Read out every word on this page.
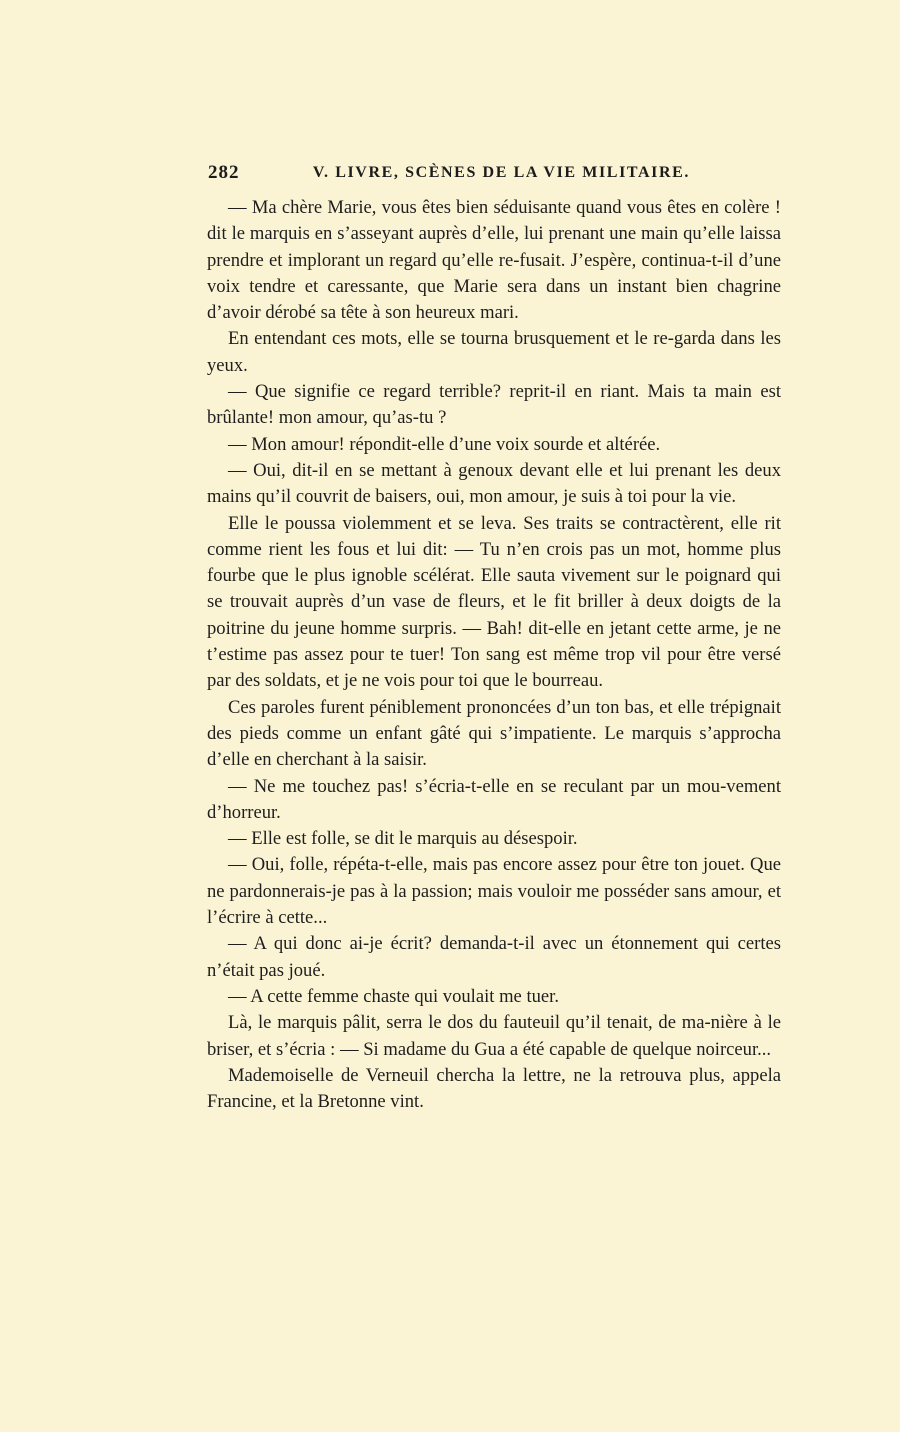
282	V. LIVRE, SCÈNES DE LA VIE MILITAIRE.

— Ma chère Marie, vous êtes bien séduisante quand vous êtes en colère ! dit le marquis en s’asseyant auprès d’elle, lui prenant une main qu’elle laissa prendre et implorant un regard qu’elle re-fusait. J’espère, continua-t-il d’une voix tendre et caressante, que Marie sera dans un instant bien chagrine d’avoir dérobé sa tête à son heureux mari.

En entendant ces mots, elle se tourna brusquement et le re-garda dans les yeux.

— Que signifie ce regard terrible? reprit-il en riant. Mais ta main est brûlante! mon amour, qu’as-tu ?

— Mon amour! répondit-elle d’une voix sourde et altérée.

— Oui, dit-il en se mettant à genoux devant elle et lui prenant les deux mains qu’il couvrit de baisers, oui, mon amour, je suis à toi pour la vie.

Elle le poussa violemment et se leva. Ses traits se contractèrent, elle rit comme rient les fous et lui dit: — Tu n’en crois pas un mot, homme plus fourbe que le plus ignoble scélérat. Elle sauta vivement sur le poignard qui se trouvait auprès d’un vase de fleurs, et le fit briller à deux doigts de la poitrine du jeune homme surpris. — Bah! dit-elle en jetant cette arme, je ne t’estime pas assez pour te tuer! Ton sang est même trop vil pour être versé par des soldats, et je ne vois pour toi que le bourreau.

Ces paroles furent péniblement prononcées d’un ton bas, et elle trépignait des pieds comme un enfant gâté qui s’impatiente. Le marquis s’approcha d’elle en cherchant à la saisir.

— Ne me touchez pas! s’écria-t-elle en se reculant par un mou-vement d’horreur.

— Elle est folle, se dit le marquis au désespoir.

— Oui, folle, répéta-t-elle, mais pas encore assez pour être ton jouet. Que ne pardonnerais-je pas à la passion; mais vouloir me posséder sans amour, et l’écrire à cette...

— A qui donc ai-je écrit? demanda-t-il avec un étonnement qui certes n’était pas joué.

— A cette femme chaste qui voulait me tuer.

Là, le marquis pâlit, serra le dos du fauteuil qu’il tenait, de ma-nière à le briser, et s’écria : — Si madame du Gua a été capable de quelque noirceur...

Mademoiselle de Verneuil chercha la lettre, ne la retrouva plus, appela Francine, et la Bretonne vint.
